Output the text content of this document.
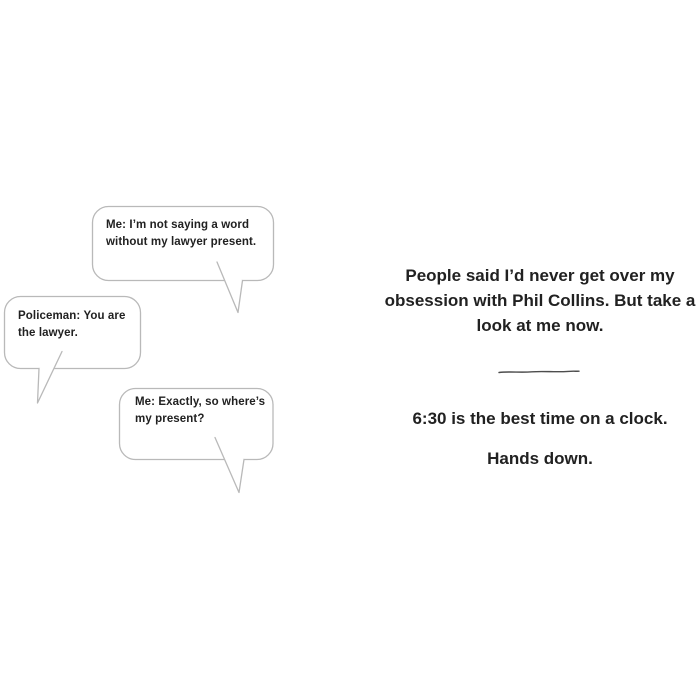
Me: I’m not saying a word
without my lawyer present.
Policeman: You are
the lawyer.
Me: Exactly, so where’s
my present?
People said I’d never get over my
obsession with Phil Collins. But take a
look at me now.
6:30 is the best time on a clock.
Hands down.
